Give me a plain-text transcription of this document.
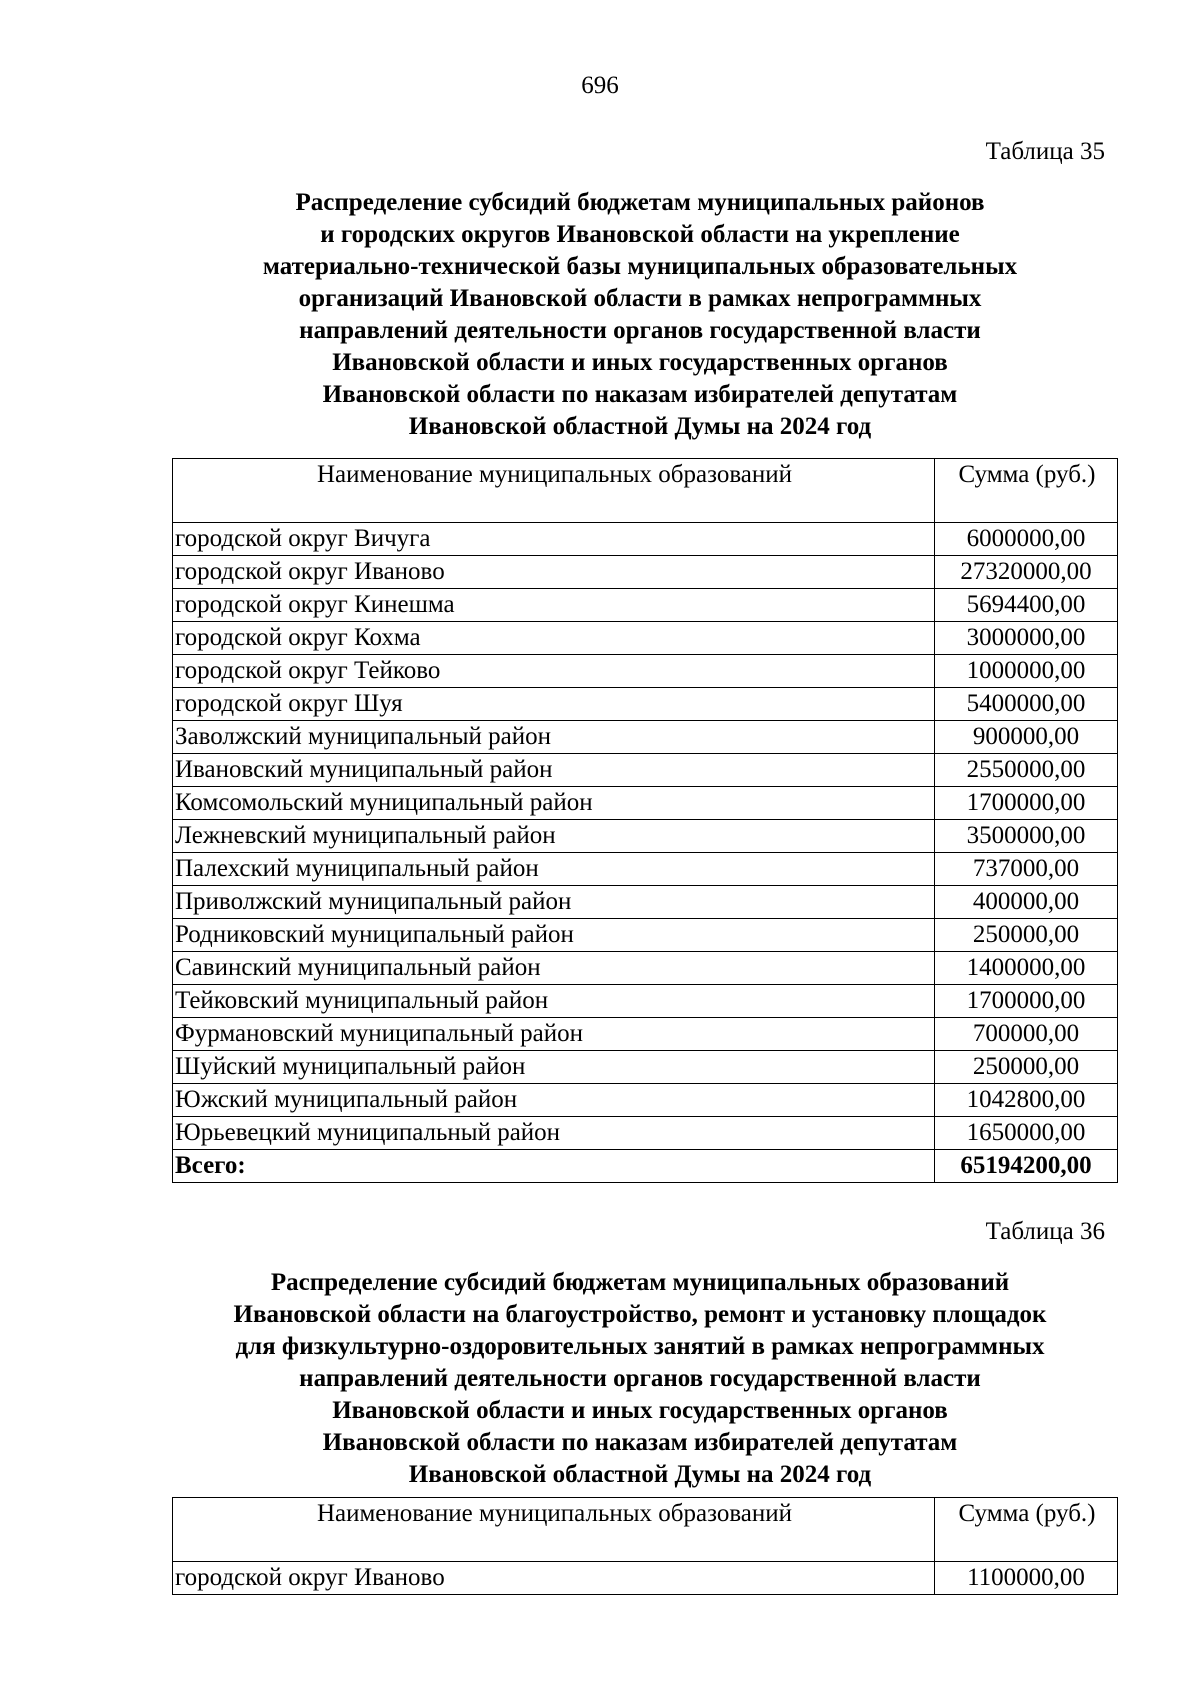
696
Таблица 35
Распределение субсидий бюджетам муниципальных районов
и городских округов Ивановской области на укрепление
материально-технической базы муниципальных образовательных
организаций Ивановской области в рамках непрограммных
направлений деятельности органов государственной власти
Ивановской области и иных государственных органов
Ивановской области по наказам избирателей депутатам
Ивановской областной Думы на 2024 год
Наименование муниципальных образований	Сумма (руб.)
городской округ Вичуга	6000000,00
городской округ Иваново	27320000,00
городской округ Кинешма	5694400,00
городской округ Кохма	3000000,00
городской округ Тейково	1000000,00
городской округ Шуя	5400000,00
Заволжский муниципальный район	900000,00
Ивановский муниципальный район	2550000,00
Комсомольский муниципальный район	1700000,00
Лежневский муниципальный район	3500000,00
Палехский муниципальный район	737000,00
Приволжский муниципальный район	400000,00
Родниковский муниципальный район	250000,00
Савинский муниципальный район	1400000,00
Тейковский муниципальный район	1700000,00
Фурмановский муниципальный район	700000,00
Шуйский муниципальный район	250000,00
Южский муниципальный район	1042800,00
Юрьевецкий муниципальный район	1650000,00
Всего:	65194200,00
Таблица 36
Распределение субсидий бюджетам муниципальных образований
Ивановской области на благоустройство, ремонт и установку площадок
для физкультурно-оздоровительных занятий в рамках непрограммных
направлений деятельности органов государственной власти
Ивановской области и иных государственных органов
Ивановской области по наказам избирателей депутатам
Ивановской областной Думы на 2024 год
Наименование муниципальных образований	Сумма (руб.)
городской округ Иваново	1100000,00
